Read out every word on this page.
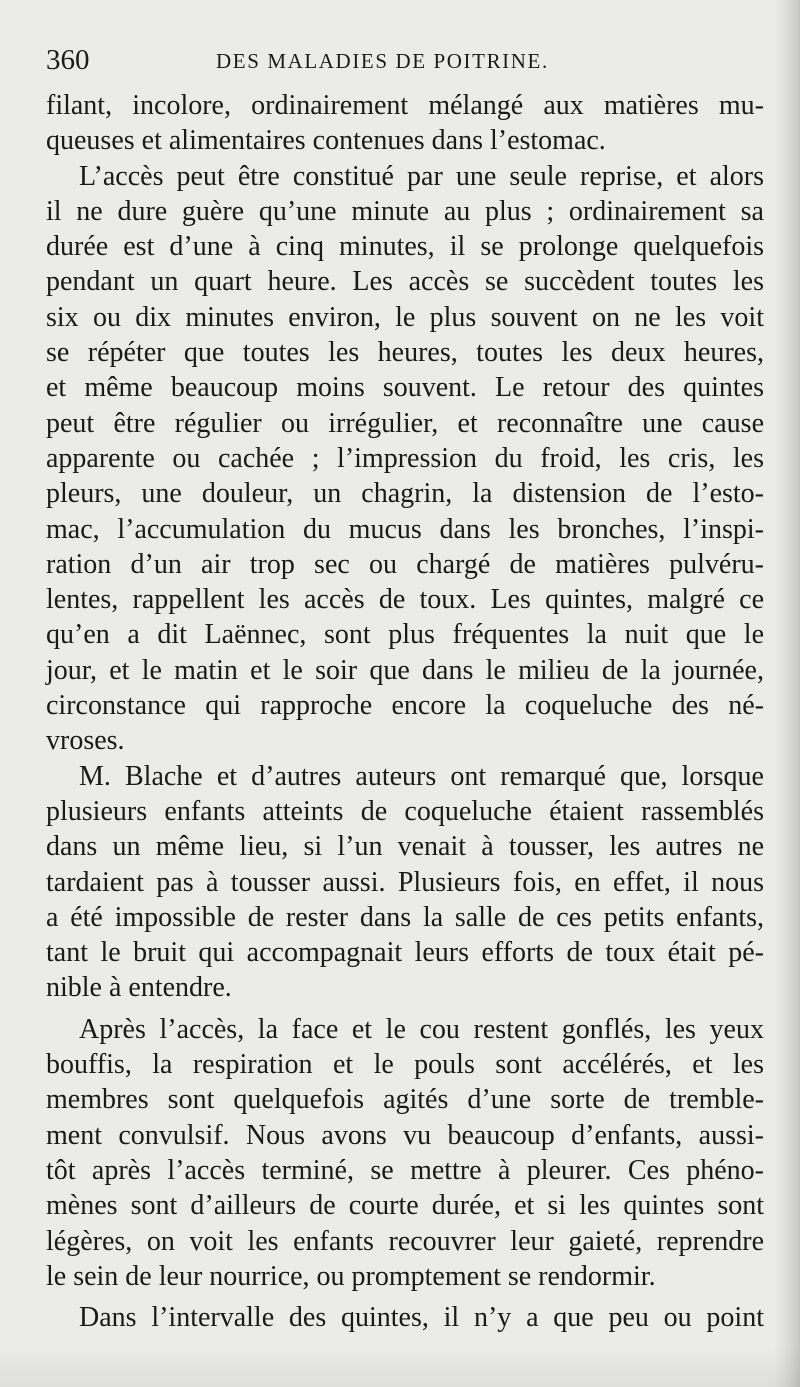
360	DES MALADIES DE POITRINE.
filant, incolore, ordinairement mélangé aux matières mu-
queuses et alimentaires contenues dans l’estomac.
L’accès peut être constitué par une seule reprise, et alors
il ne dure guère qu’une minute au plus ; ordinairement sa
durée est d’une à cinq minutes, il se prolonge quelquefois
pendant un quart heure. Les accès se succèdent toutes les
six ou dix minutes environ, le plus souvent on ne les voit
se répéter que toutes les heures, toutes les deux heures,
et même beaucoup moins souvent. Le retour des quintes
peut être régulier ou irrégulier, et reconnaître une cause
apparente ou cachée ; l’impression du froid, les cris, les
pleurs, une douleur, un chagrin, la distension de l’esto-
mac, l’accumulation du mucus dans les bronches, l’inspi-
ration d’un air trop sec ou chargé de matières pulvéru-
lentes, rappellent les accès de toux. Les quintes, malgré ce
qu’en a dit Laënnec, sont plus fréquentes la nuit que le
jour, et le matin et le soir que dans le milieu de la journée,
circonstance qui rapproche encore la coqueluche des né-
vroses.
M. Blache et d’autres auteurs ont remarqué que, lorsque
plusieurs enfants atteints de coqueluche étaient rassemblés
dans un même lieu, si l’un venait à tousser, les autres ne
tardaient pas à tousser aussi. Plusieurs fois, en effet, il nous
a été impossible de rester dans la salle de ces petits enfants,
tant le bruit qui accompagnait leurs efforts de toux était pé-
nible à entendre.
Après l’accès, la face et le cou restent gonflés, les yeux
bouffis, la respiration et le pouls sont accélérés, et les
membres sont quelquefois agités d’une sorte de tremble-
ment convulsif. Nous avons vu beaucoup d’enfants, aussi-
tôt après l’accès terminé, se mettre à pleurer. Ces phéno-
mènes sont d’ailleurs de courte durée, et si les quintes sont
légères, on voit les enfants recouvrer leur gaieté, reprendre
le sein de leur nourrice, ou promptement se rendormir.
Dans l’intervalle des quintes, il n’y a que peu ou point
